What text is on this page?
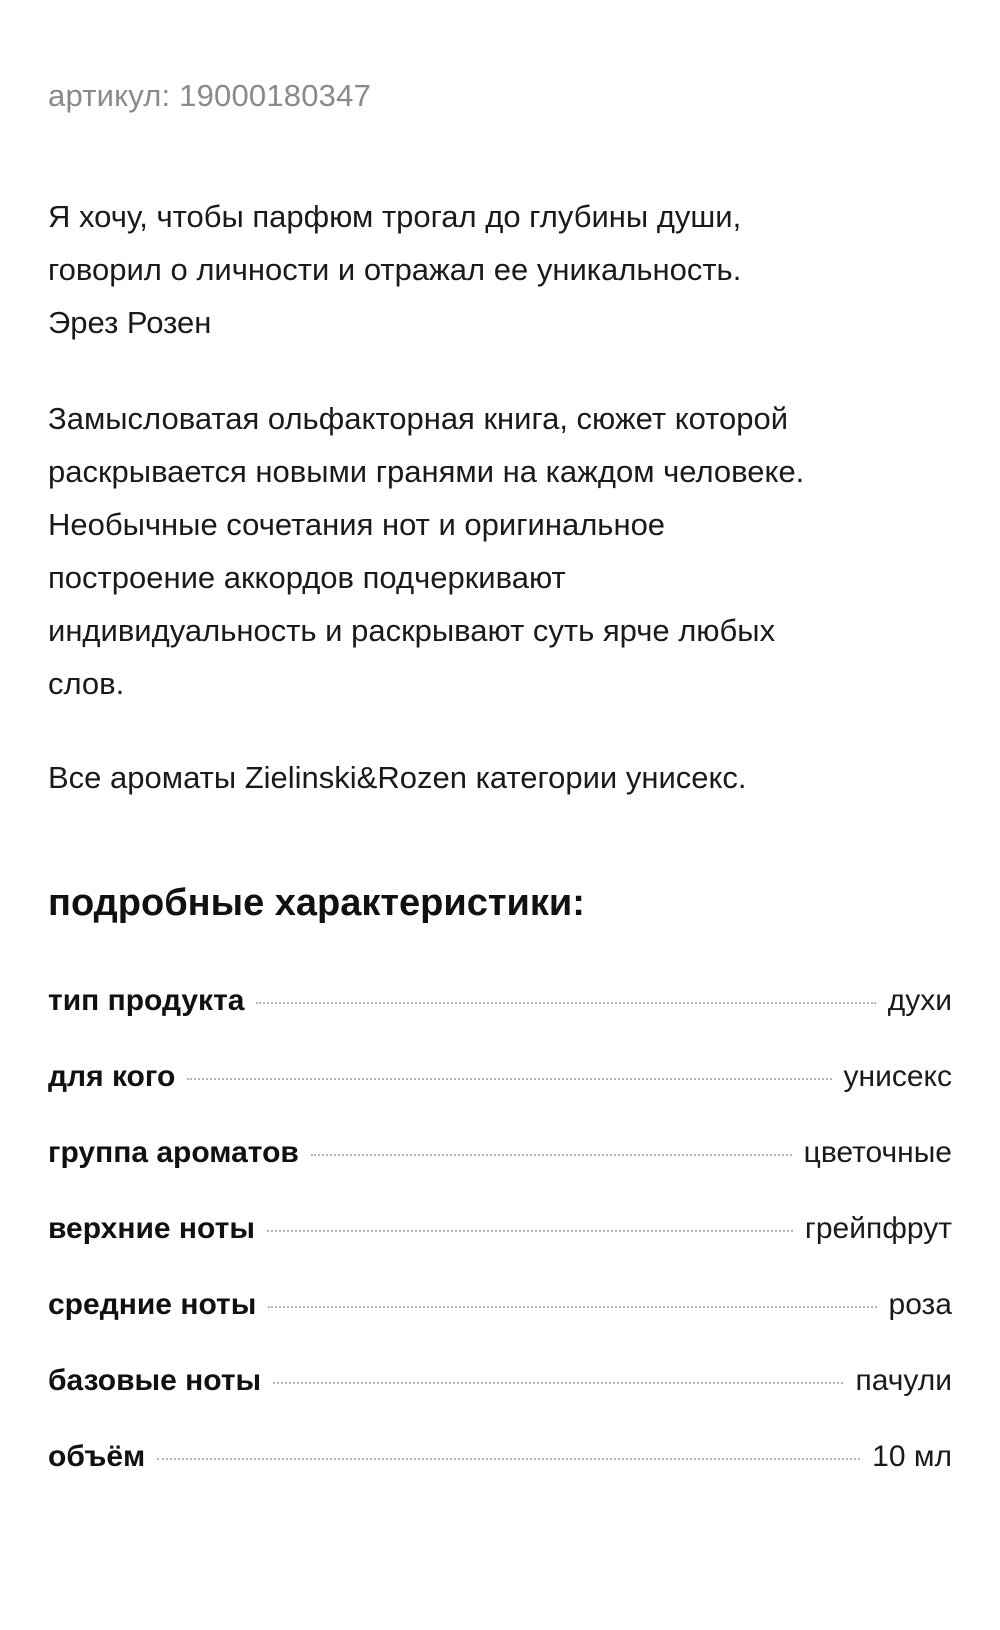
артикул: 19000180347

Я хочу, чтобы парфюм трогал до глубины души,
говорил о личности и отражал ее уникальность.
Эрез Розен

Замысловатая ольфакторная книга, сюжет которой
раскрывается новыми гранями на каждом человеке.
Необычные сочетания нот и оригинальное
построение аккордов подчеркивают
индивидуальность и раскрывают суть ярче любых
слов.

Все ароматы Zielinski&Rozen категории унисекс.

подробные характеристики:
тип продукта	духи
для кого	унисекс
группа ароматов	цветочные
верхние ноты	грейпфрут
средние ноты	роза
базовые ноты	пачули
объём	10 мл
